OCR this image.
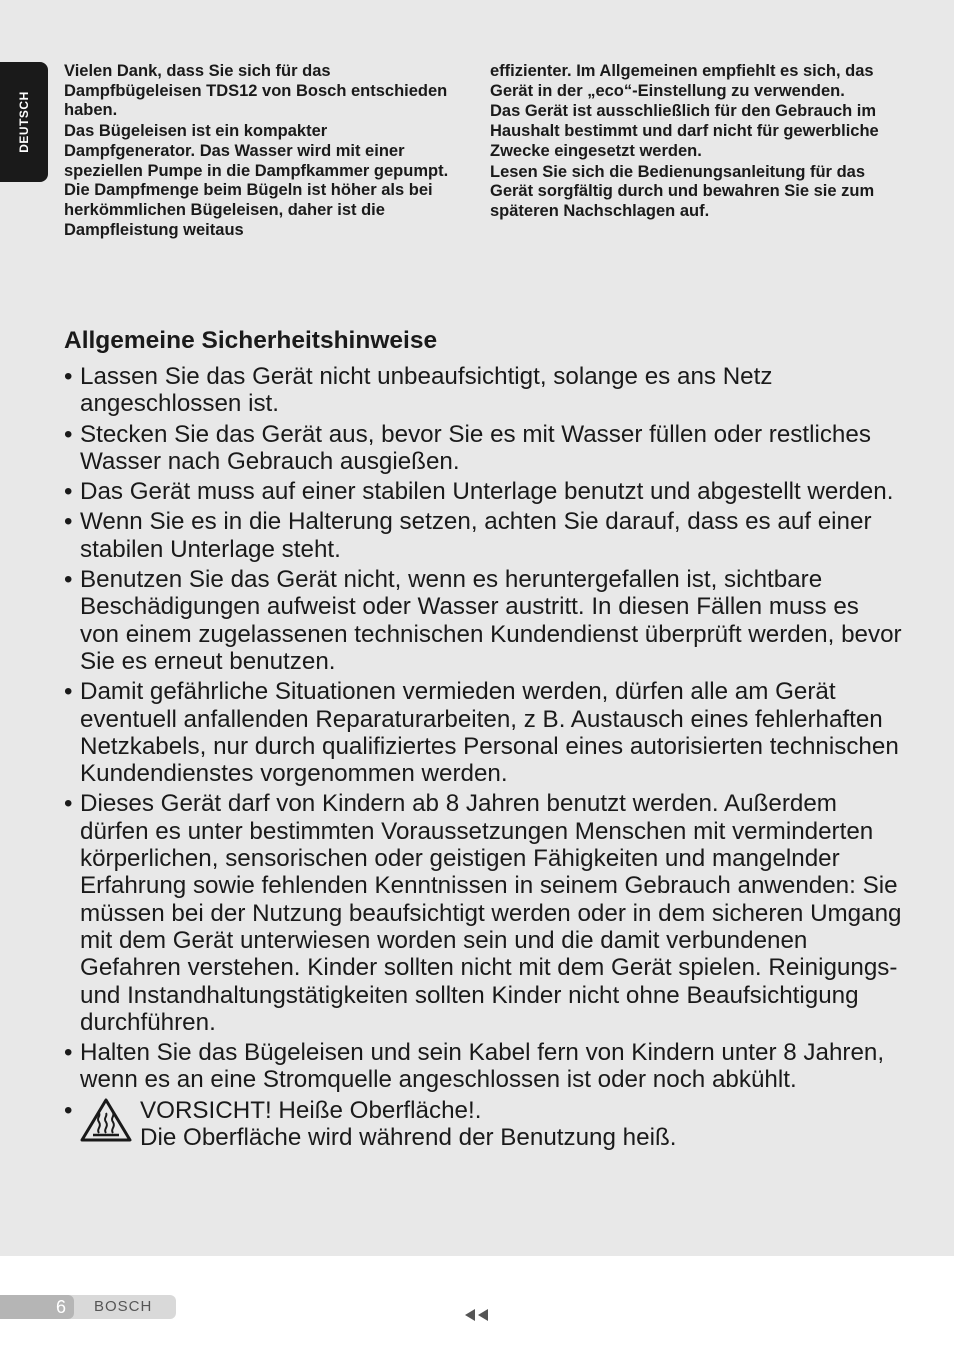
DEUTSCH

Vielen Dank, dass Sie sich für das Dampfbügeleisen TDS12 von Bosch entschieden haben.

Das Bügeleisen ist ein kompakter Dampfgenerator. Das Wasser wird mit einer speziellen Pumpe in die Dampfkammer gepumpt. Die Dampfmenge beim Bügeln ist höher als bei herkömmlichen Bügeleisen, daher ist die Dampfleistung weitaus

effizienter. Im Allgemeinen empfiehlt es sich, das Gerät in der „eco“-Einstellung zu verwenden.

Das Gerät ist ausschließlich für den Gebrauch im Haushalt bestimmt und darf nicht für gewerbliche Zwecke eingesetzt werden.

Lesen Sie sich die Bedienungsanleitung für das Gerät sorgfältig durch und bewahren Sie sie zum späteren Nachschlagen auf.

Allgemeine Sicherheitshinweise
• Lassen Sie das Gerät nicht unbeaufsichtigt, solange es ans Netz angeschlossen ist.
• Stecken Sie das Gerät aus, bevor Sie es mit Wasser füllen oder restliches Wasser nach Gebrauch ausgießen.
• Das Gerät muss auf einer stabilen Unterlage benutzt und abgestellt werden.
• Wenn Sie es in die Halterung setzen, achten Sie darauf, dass es auf einer stabilen Unterlage steht.
• Benutzen Sie das Gerät nicht, wenn es heruntergefallen ist, sichtbare Beschädigungen aufweist oder Wasser austritt. In diesen Fällen muss es von einem zugelassenen technischen Kundendienst überprüft werden, bevor Sie es erneut benutzen.
• Damit gefährliche Situationen vermieden werden, dürfen alle am Gerät eventuell anfallenden Reparaturarbeiten, z B. Austausch eines fehlerhaften Netzkabels, nur durch qualifiziertes Personal eines autorisierten technischen Kundendienstes vorgenommen werden.
• Dieses Gerät darf von Kindern ab 8 Jahren benutzt werden. Außerdem dürfen es unter bestimmten Voraussetzungen Menschen mit verminderten körperlichen, sensorischen oder geistigen Fähigkeiten und mangelnder Erfahrung sowie fehlenden Kenntnissen in seinem Gebrauch anwenden: Sie müssen bei der Nutzung beaufsichtigt werden oder in dem sicheren Umgang mit dem Gerät unterwiesen worden sein und die damit verbundenen Gefahren verstehen. Kinder sollten nicht mit dem Gerät spielen. Reinigungs- und Instandhaltungstätigkeiten sollten Kinder nicht ohne Beaufsichtigung durchführen.
• Halten Sie das Bügeleisen und sein Kabel fern von Kindern unter 8 Jahren, wenn es an eine Stromquelle angeschlossen ist oder noch abkühlt.
•	VORSICHT! Heiße Oberfläche!.
Die Oberfläche wird während der Benutzung heiß.
6 BOSCH
